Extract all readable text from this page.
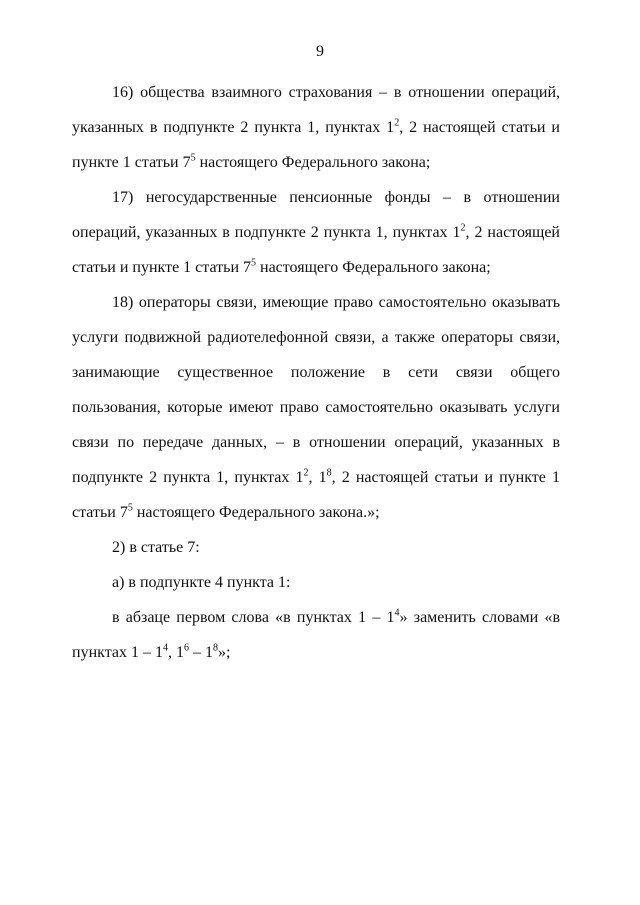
9

16) общества взаимного страхования – в отношении операций, указанных в подпункте 2 пункта 1, пунктах $1^2$, 2 настоящей статьи и пункте 1 статьи $7^5$ настоящего Федерального закона;

17) негосударственные пенсионные фонды – в отношении операций, указанных в подпункте 2 пункта 1, пунктах $1^2$, 2 настоящей статьи и пункте 1 статьи $7^5$ настоящего Федерального закона;

18) операторы связи, имеющие право самостоятельно оказывать услуги подвижной радиотелефонной связи, а также операторы связи, занимающие существенное положение в сети связи общего пользования, которые имеют право самостоятельно оказывать услуги связи по передаче данных, – в отношении операций, указанных в подпункте 2 пункта 1, пунктах $1^2$, $1^8$, 2 настоящей статьи и пункте 1 статьи $7^5$ настоящего Федерального закона.»;

2) в статье 7:

а) в подпункте 4 пункта 1:

в абзаце первом слова «в пунктах $1 - 1^4$» заменить словами «в пунктах $1 - 1^4$, $1^6 - 1^8$»;
